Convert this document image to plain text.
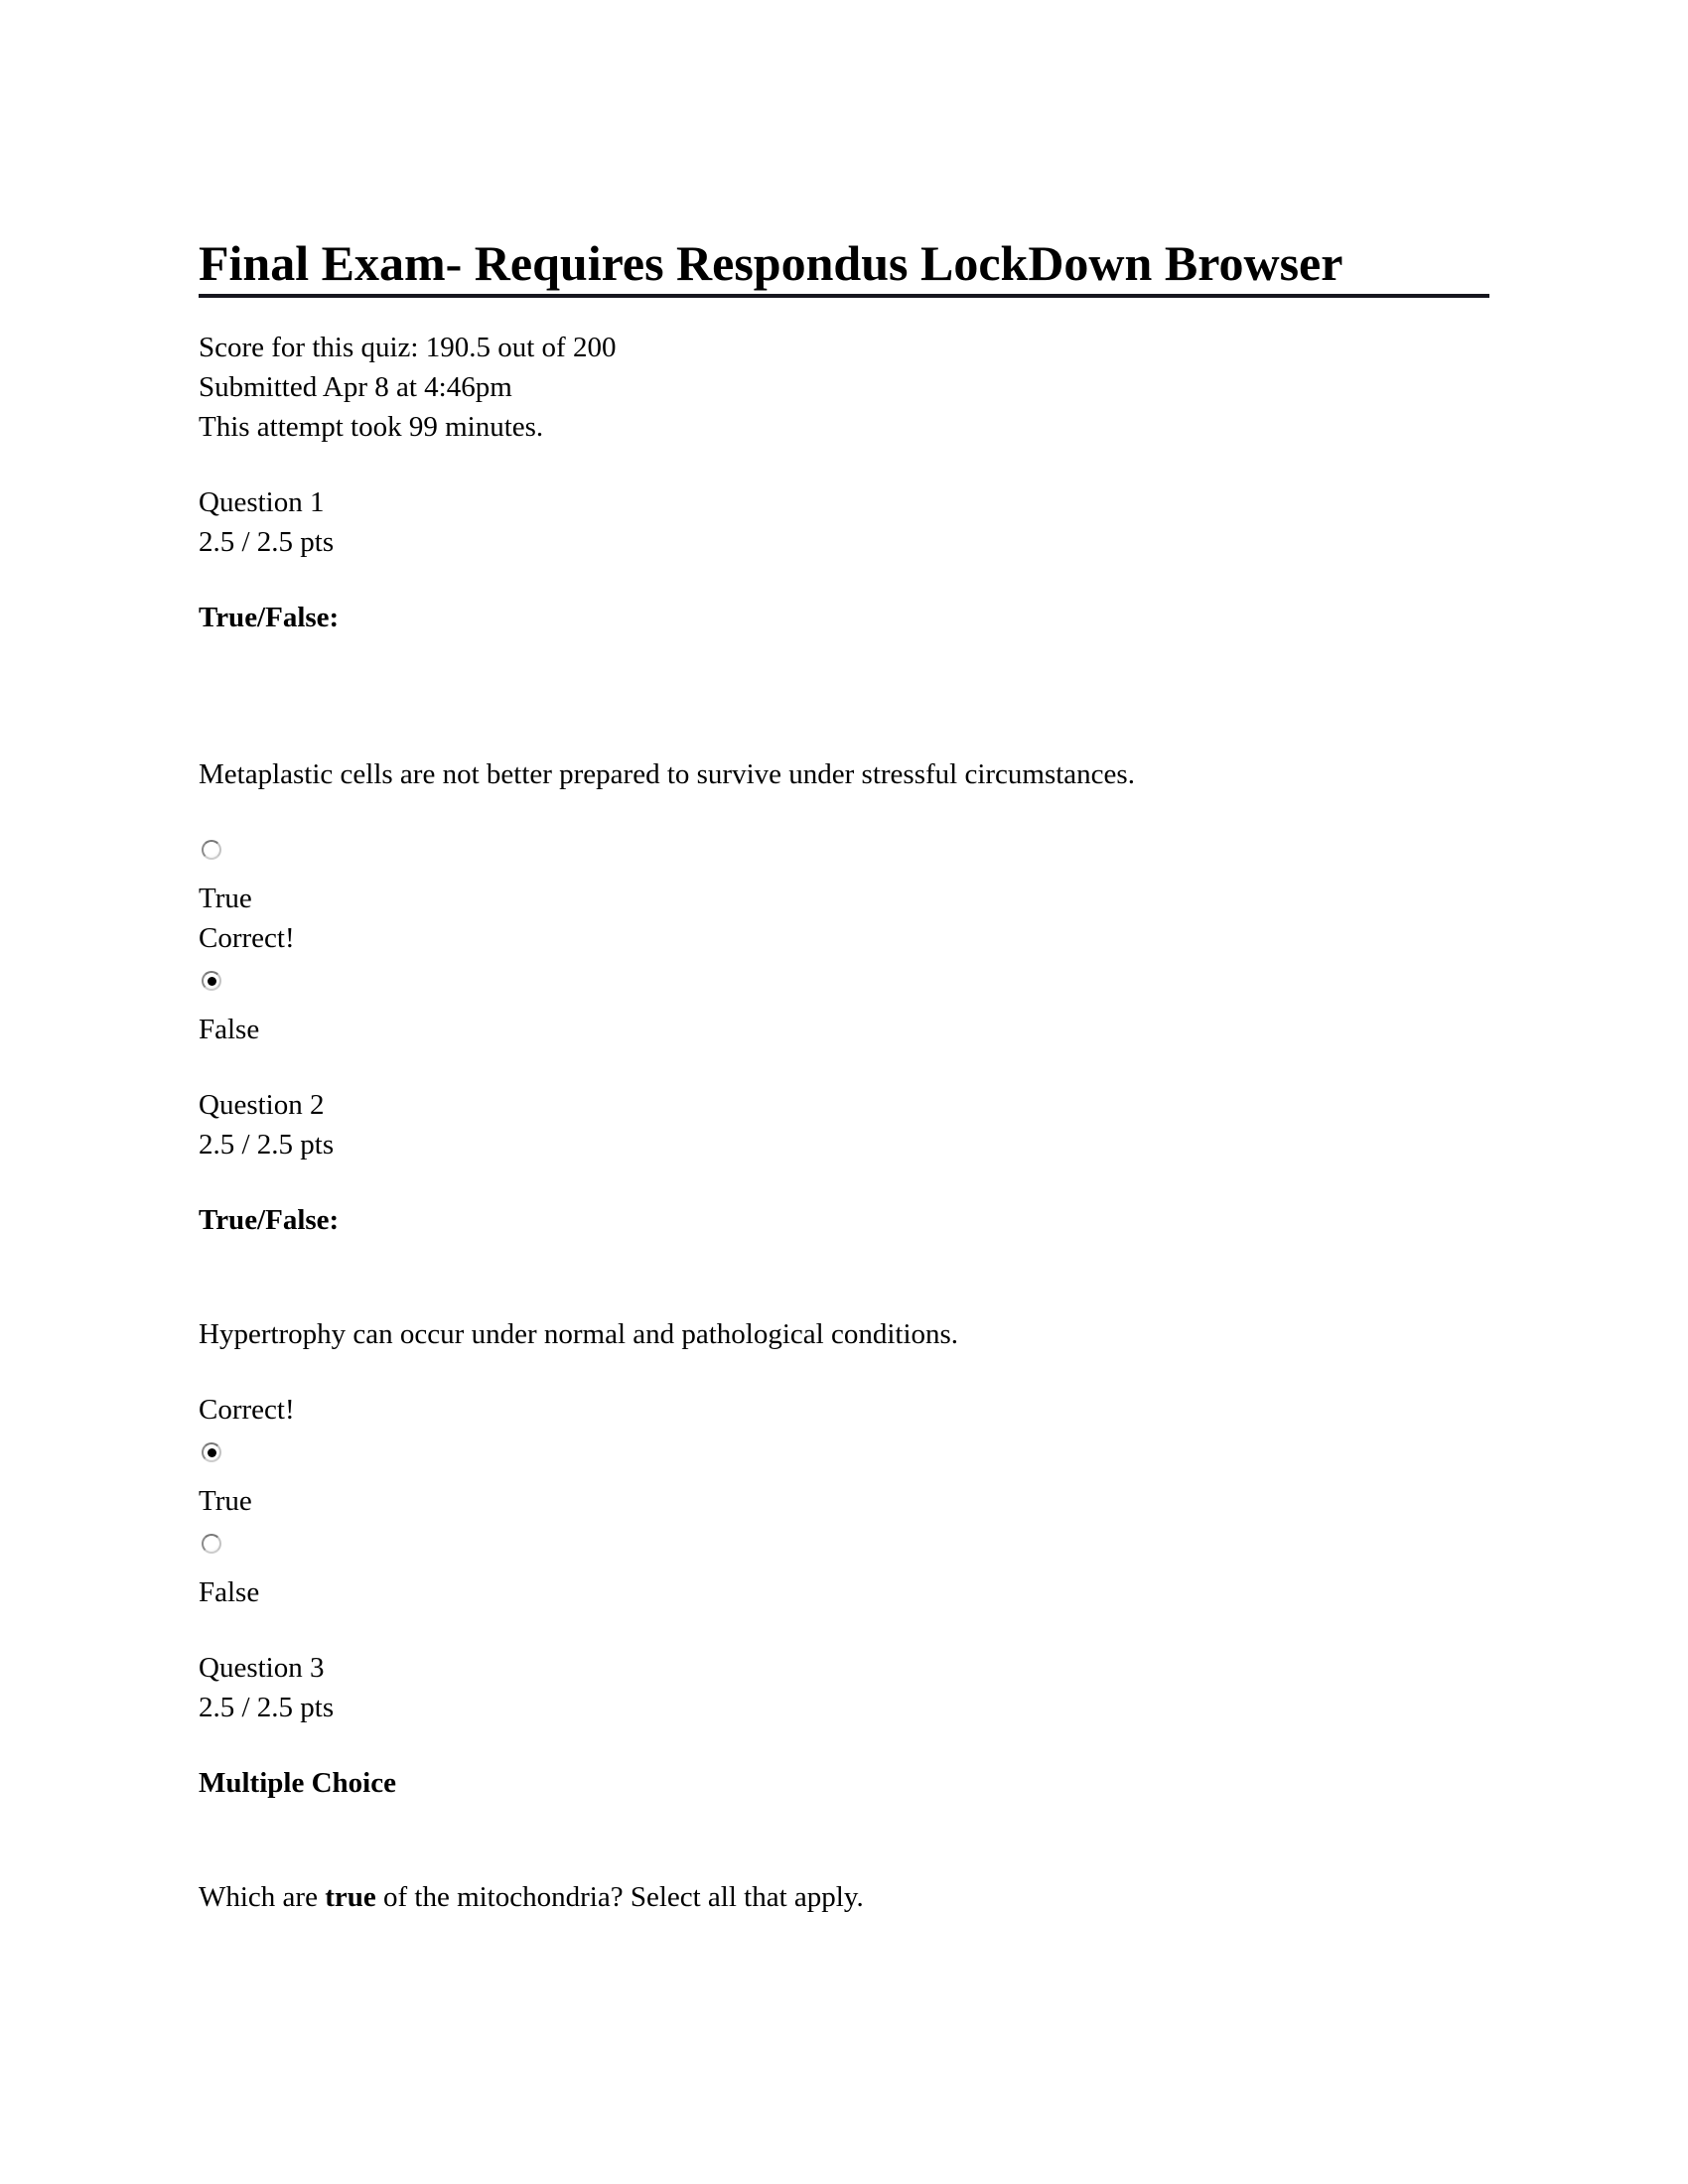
Final Exam- Requires Respondus LockDown Browser
Score for this quiz: 190.5 out of 200
Submitted Apr 8 at 4:46pm
This attempt took 99 minutes.
Question 1
2.5 / 2.5 pts
True/False:
Metaplastic cells are not better prepared to survive under stressful circumstances.
True
Correct!
False
Question 2
2.5 / 2.5 pts
True/False:
Hypertrophy can occur under normal and pathological conditions.
Correct!
True
False
Question 3
2.5 / 2.5 pts
Multiple Choice
Which are true of the mitochondria? Select all that apply.
